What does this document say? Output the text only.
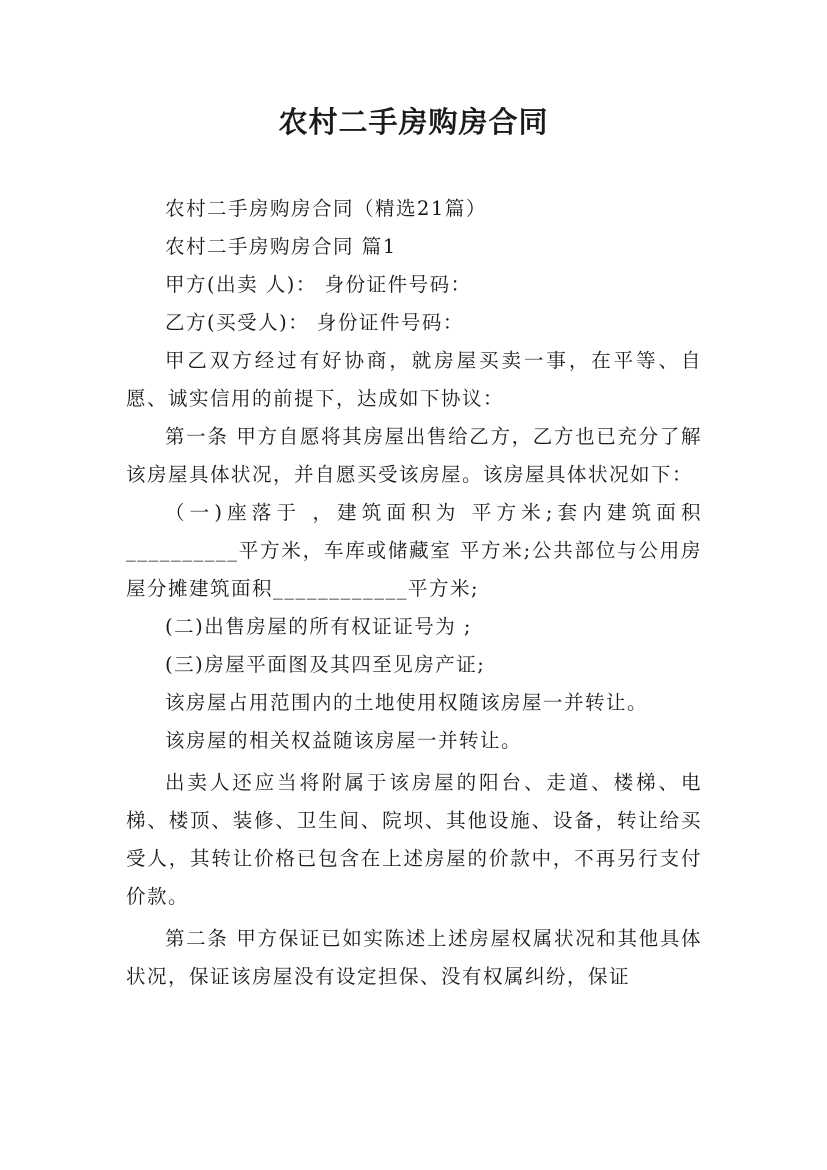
农村二手房购房合同

农村二手房购房合同（精选21篇）

农村二手房购房合同 篇1

甲方(出卖 人)： 身份证件号码：

乙方(买受人)： 身份证件号码：

甲乙双方经过有好协商，就房屋买卖一事，在平等、自愿、诚实信用的前提下，达成如下协议：

第一条 甲方自愿将其房屋出售给乙方，乙方也已充分了解该房屋具体状况，并自愿买受该房屋。该房屋具体状况如下：

（一)座落于 ，建筑面积为 平方米;套内建筑面积__________平方米，车库或储藏室 平方米;公共部位与公用房屋分摊建筑面积____________平方米;

(二)出售房屋的所有权证证号为 ;

(三)房屋平面图及其四至见房产证;

该房屋占用范围内的土地使用权随该房屋一并转让。

该房屋的相关权益随该房屋一并转让。

出卖人还应当将附属于该房屋的阳台、走道、楼梯、电梯、楼顶、装修、卫生间、院坝、其他设施、设备，转让给买受人，其转让价格已包含在上述房屋的价款中，不再另行支付价款。

第二条 甲方保证已如实陈述上述房屋权属状况和其他具体状况，保证该房屋没有设定担保、没有权属纠纷，保证
